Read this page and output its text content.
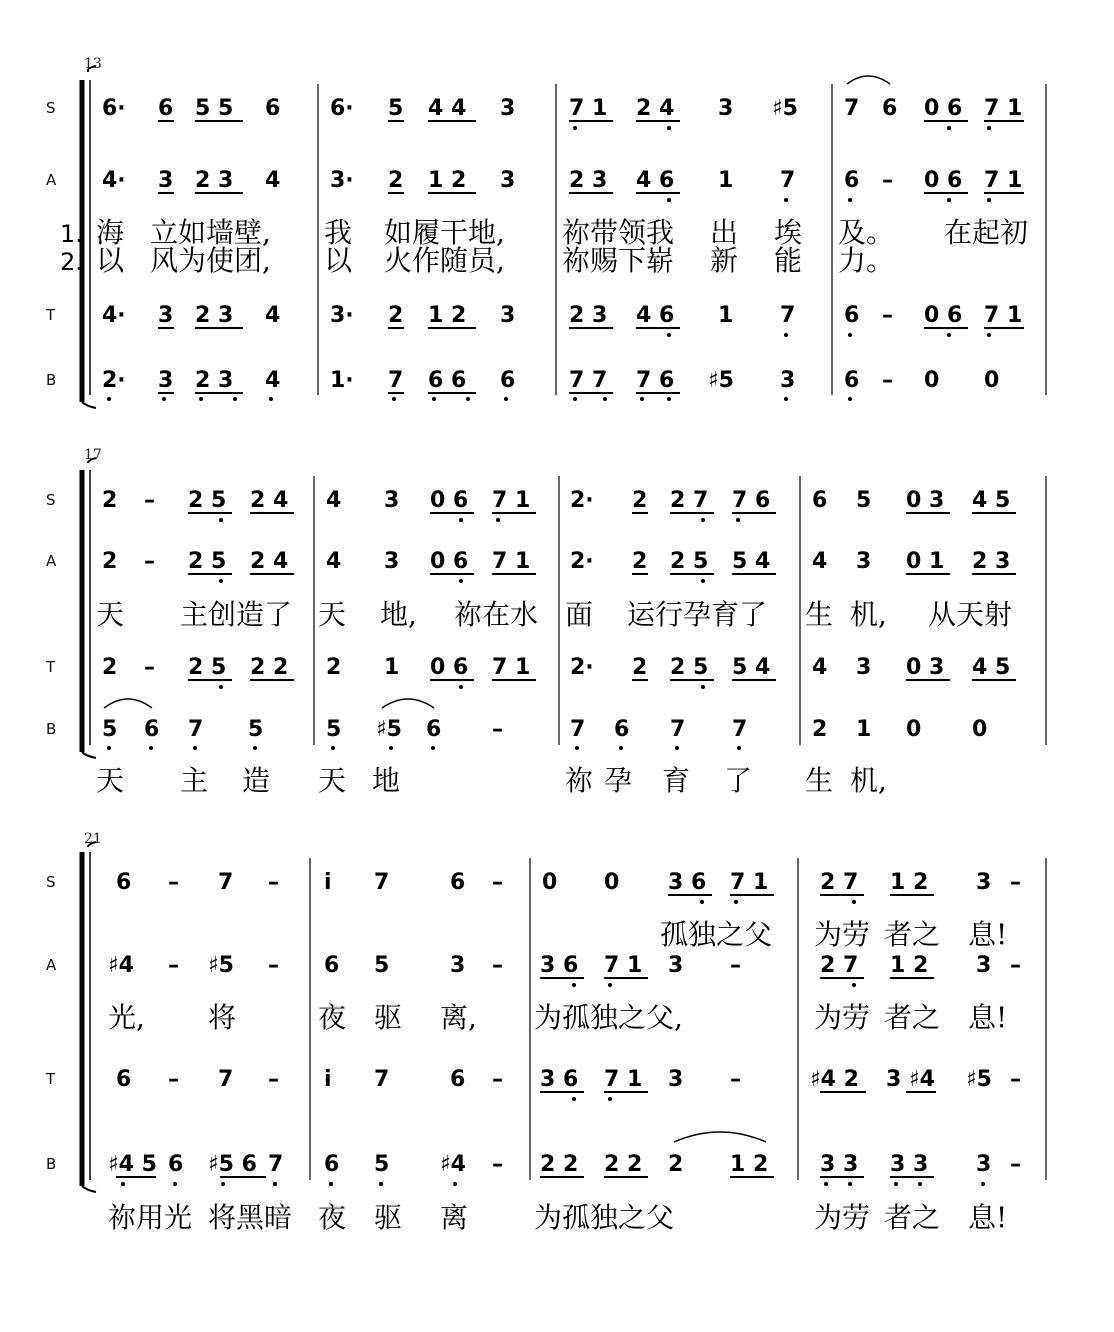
13
S
A
T
B
6· 6 5 5 6 6· 5 4 4 3 7 1 2 4 3 ♯5 7 6 0 6 7 1
4· 3 2 3 4 3· 2 1 2 3 2 3 4 6 1 7 6 – 0 6 7 1
1. 海 立如墙壁, 我 如履干地, 祢带领我 出 埃 及。 在起初
2. 以 风为使团, 以 火作随员, 祢赐下崭 新 能 力。
4· 3 2 3 4 3· 2 1 2 3 2 3 4 6 1 7 6 – 0 6 7 1
2· 3 2 3 4 1· 7 6 6 6 7 7 7 6 ♯5 3 6 – 0 0
17
S
A
T
B
2 – 2 5 2 4 4 3 0 6 7 1 2· 2 2 7 7 6 6 5 0 3 4 5
2 – 2 5 2 4 4 3 0 6 7 1 2· 2 2 5 5 4 4 3 0 1 2 3
天 主创造了 天 地, 祢在水 面 运行孕育了 生 机, 从天射
2 – 2 5 2 2 2 1 0 6 7 1 2· 2 2 5 5 4 4 3 0 3 4 5
5 6 7 5	5 ♯5 6 –	7 6 7 7	2 1 0 0
天 主 造 天 地	祢 孕 育 了 生 机,
21
S
A
T
B
6 – 7 – i 7	6 – 0 0 3 6 7 1 2 7 1 2 3 –
孤独之父 为劳 者之 息!
♯4 – ♯5 – 6 5	3 – 3 6 7 1 3 –	2 7 1 2 3 –
光, 将	夜 驱 离, 为孤独之父,	为劳 者之 息!
6 – 7 – i 7	6 – 3 6 7 1 3 –	♯4 2 3 ♯4 ♯5 –
♯4 5 6 ♯5 6 7 6 5 ♯4 – 2 2 2 2 2 1 2 3 3 3 3 3 –
祢用光 将黑暗 夜 驱 离 为孤独之父	为劳 者之 息!
